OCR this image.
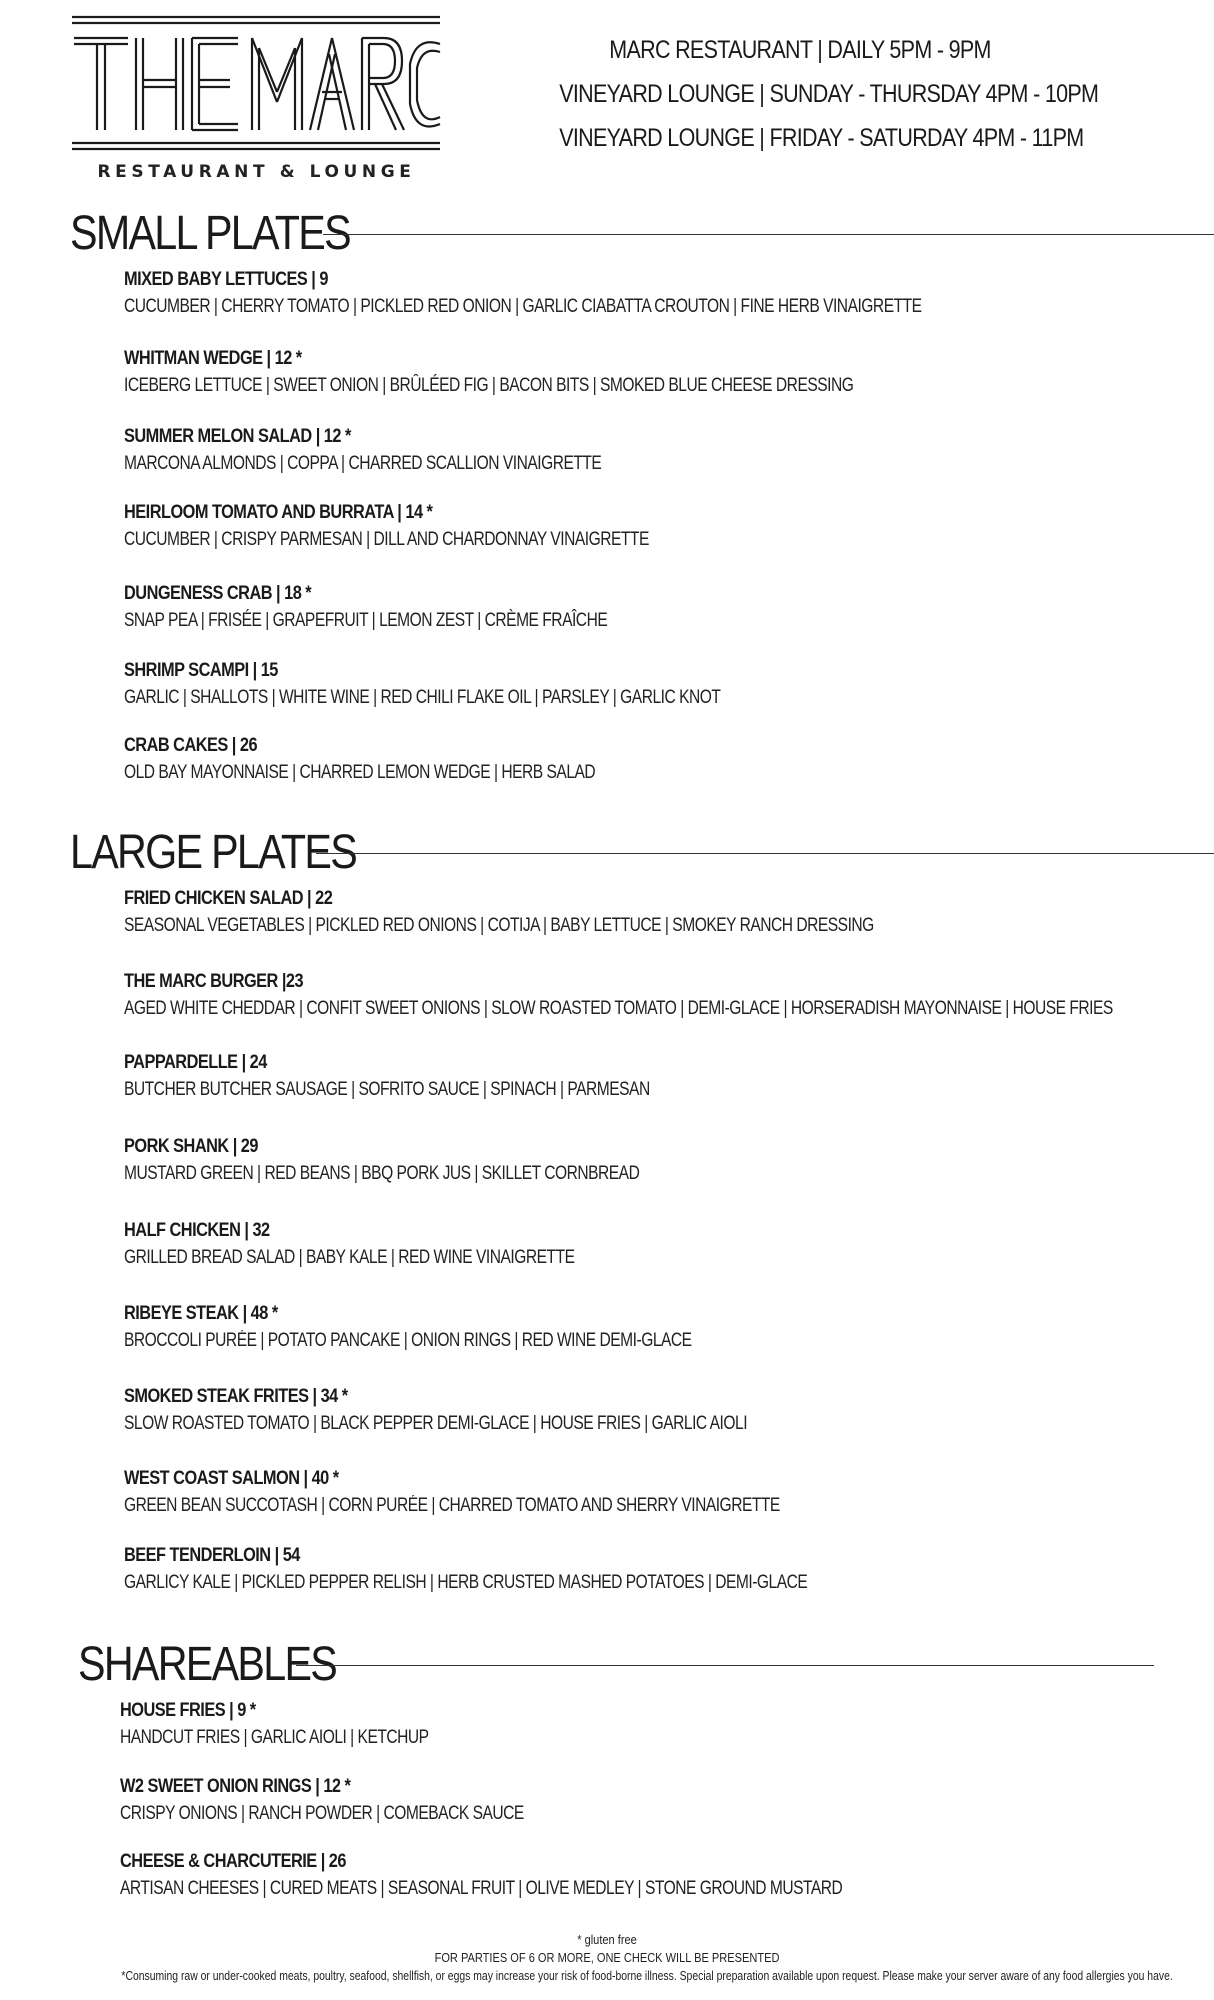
RESTAURANT & LOUNGE
MARC RESTAURANT | DAILY 5PM - 9PM
VINEYARD LOUNGE | SUNDAY - THURSDAY 4PM - 10PM
VINEYARD LOUNGE | FRIDAY - SATURDAY 4PM - 11PM
SMALL PLATES
MIXED BABY LETTUCES | 9
CUCUMBER | CHERRY TOMATO | PICKLED RED ONION | GARLIC CIABATTA CROUTON | FINE HERB VINAIGRETTE
WHITMAN WEDGE | 12 *
ICEBERG LETTUCE | SWEET ONION | BRÛLÉED FIG | BACON BITS | SMOKED BLUE CHEESE DRESSING
SUMMER MELON SALAD | 12 *
MARCONA ALMONDS | COPPA | CHARRED SCALLION VINAIGRETTE
HEIRLOOM TOMATO AND BURRATA | 14 *
CUCUMBER | CRISPY PARMESAN | DILL AND CHARDONNAY VINAIGRETTE
DUNGENESS CRAB | 18 *
SNAP PEA | FRISÉE | GRAPEFRUIT | LEMON ZEST | CRÈME FRAÎCHE
SHRIMP SCAMPI | 15
GARLIC | SHALLOTS | WHITE WINE | RED CHILI FLAKE OIL | PARSLEY | GARLIC KNOT
CRAB CAKES | 26
OLD BAY MAYONNAISE | CHARRED LEMON WEDGE | HERB SALAD
LARGE PLATES
FRIED CHICKEN SALAD | 22
SEASONAL VEGETABLES | PICKLED RED ONIONS | COTIJA | BABY LETTUCE | SMOKEY RANCH DRESSING
THE MARC BURGER |23
AGED WHITE CHEDDAR | CONFIT SWEET ONIONS | SLOW ROASTED TOMATO | DEMI-GLACE | HORSERADISH MAYONNAISE | HOUSE FRIES
PAPPARDELLE | 24
BUTCHER BUTCHER SAUSAGE | SOFRITO SAUCE | SPINACH | PARMESAN
PORK SHANK | 29
MUSTARD GREEN | RED BEANS | BBQ PORK JUS | SKILLET CORNBREAD
HALF CHICKEN | 32
GRILLED BREAD SALAD | BABY KALE | RED WINE VINAIGRETTE
RIBEYE STEAK | 48 *
BROCCOLI PURÉE | POTATO PANCAKE | ONION RINGS | RED WINE DEMI-GLACE
SMOKED STEAK FRITES | 34 *
SLOW ROASTED TOMATO | BLACK PEPPER DEMI-GLACE | HOUSE FRIES | GARLIC AIOLI
WEST COAST SALMON | 40 *
GREEN BEAN SUCCOTASH | CORN PURÉE | CHARRED TOMATO AND SHERRY VINAIGRETTE
BEEF TENDERLOIN | 54
GARLICY KALE | PICKLED PEPPER RELISH | HERB CRUSTED MASHED POTATOES | DEMI-GLACE
SHAREABLES
HOUSE FRIES | 9 *
HANDCUT FRIES | GARLIC AIOLI | KETCHUP
W2 SWEET ONION RINGS | 12 *
CRISPY ONIONS | RANCH POWDER | COMEBACK SAUCE
CHEESE & CHARCUTERIE | 26
ARTISAN CHEESES | CURED MEATS | SEASONAL FRUIT | OLIVE MEDLEY | STONE GROUND MUSTARD
* gluten free
FOR PARTIES OF 6 OR MORE, ONE CHECK WILL BE PRESENTED
*Consuming raw or under-cooked meats, poultry, seafood, shellfish, or eggs may increase your risk of food-borne illness. Special preparation available upon request. Please make your server aware of any food allergies you have.
